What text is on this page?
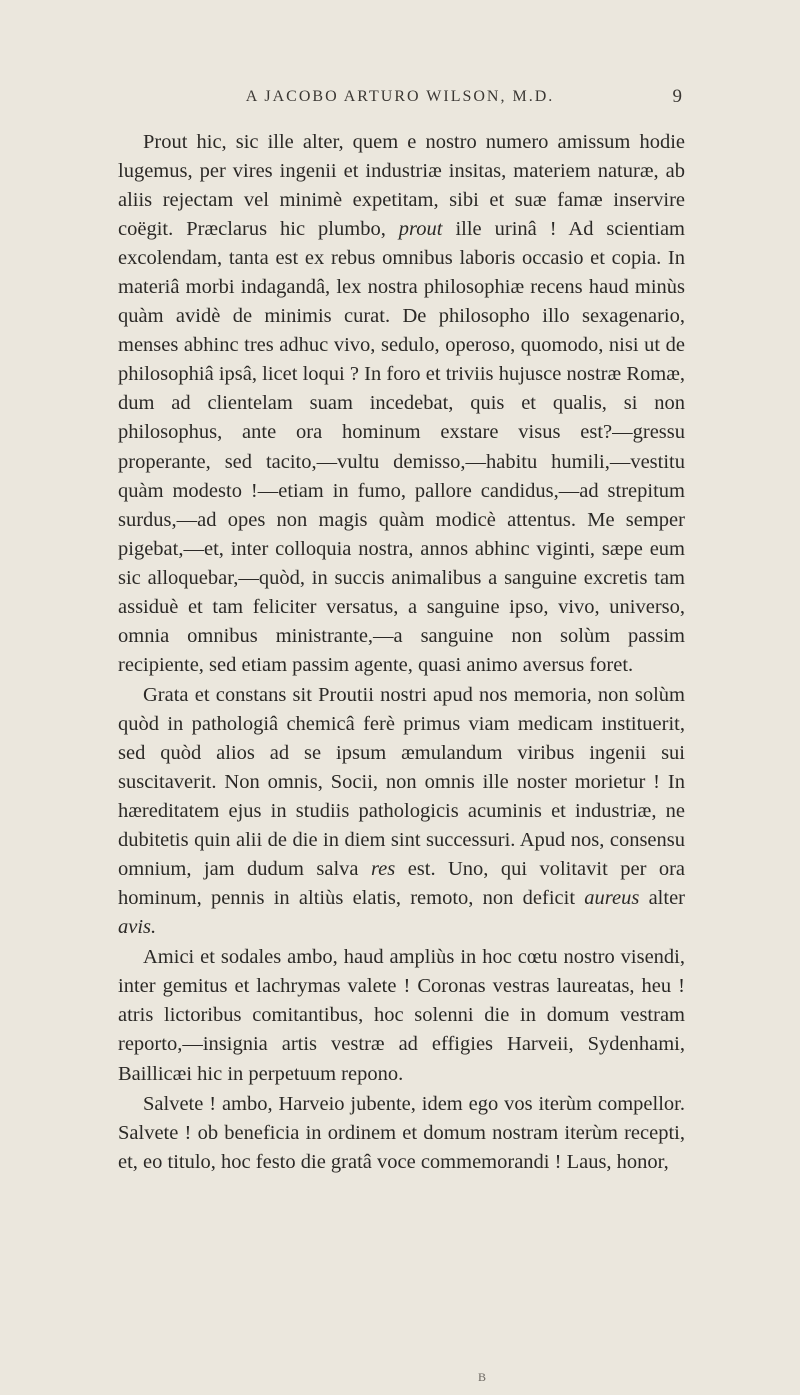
A JACOBO ARTURO WILSON, M.D.	9

Prout hic, sic ille alter, quem e nostro numero amissum hodie lugemus, per vires ingenii et industriæ insitas, materiem naturæ, ab aliis rejectam vel minimè expetitam, sibi et suæ famæ inservire coëgit. Præclarus hic plumbo, prout ille urinâ ! Ad scientiam excolendam, tanta est ex rebus omnibus laboris occasio et copia. In materiâ morbi indagandâ, lex nostra philosophiæ recens haud minùs quàm avidè de minimis curat. De philosopho illo sexagenario, menses abhinc tres adhuc vivo, sedulo, operoso, quomodo, nisi ut de philosophiâ ipsâ, licet loqui ? In foro et triviis hujusce nostræ Romæ, dum ad clientelam suam incedebat, quis et qualis, si non philosophus, ante ora hominum exstare visus est?—gressu properante, sed tacito,—vultu demisso,—habitu humili,—vestitu quàm modesto !—etiam in fumo, pallore candidus,—ad strepitum surdus,—ad opes non magis quàm modicè attentus. Me semper pigebat,—et, inter colloquia nostra, annos abhinc viginti, sæpe eum sic alloquebar,—quòd, in succis animalibus a sanguine excretis tam assiduè et tam feliciter versatus, a sanguine ipso, vivo, universo, omnia omnibus ministrante,—a sanguine non solùm passim recipiente, sed etiam passim agente, quasi animo aversus foret.

Grata et constans sit Proutii nostri apud nos memoria, non solùm quòd in pathologiâ chemicâ ferè primus viam medicam instituerit, sed quòd alios ad se ipsum æmulandum viribus ingenii sui suscitaverit. Non omnis, Socii, non omnis ille noster morietur ! In hæreditatem ejus in studiis pathologicis acuminis et industriæ, ne dubitetis quin alii de die in diem sint successuri. Apud nos, consensu omnium, jam dudum salva res est. Uno, qui volitavit per ora hominum, pennis in altiùs elatis, remoto, non deficit aureus alter avis.

Amici et sodales ambo, haud ampliùs in hoc cœtu nostro visendi, inter gemitus et lachrymas valete ! Coronas vestras laureatas, heu ! atris lictoribus comitantibus, hoc solenni die in domum vestram reporto,—insignia artis vestræ ad effigies Harveii, Sydenhami, Baillicæi hic in perpetuum repono.

Salvete ! ambo, Harveio jubente, idem ego vos iterùm compellor. Salvete ! ob beneficia in ordinem et domum nostram iterùm recepti, et, eo titulo, hoc festo die gratâ voce commemorandi ! Laus, honor,

B
